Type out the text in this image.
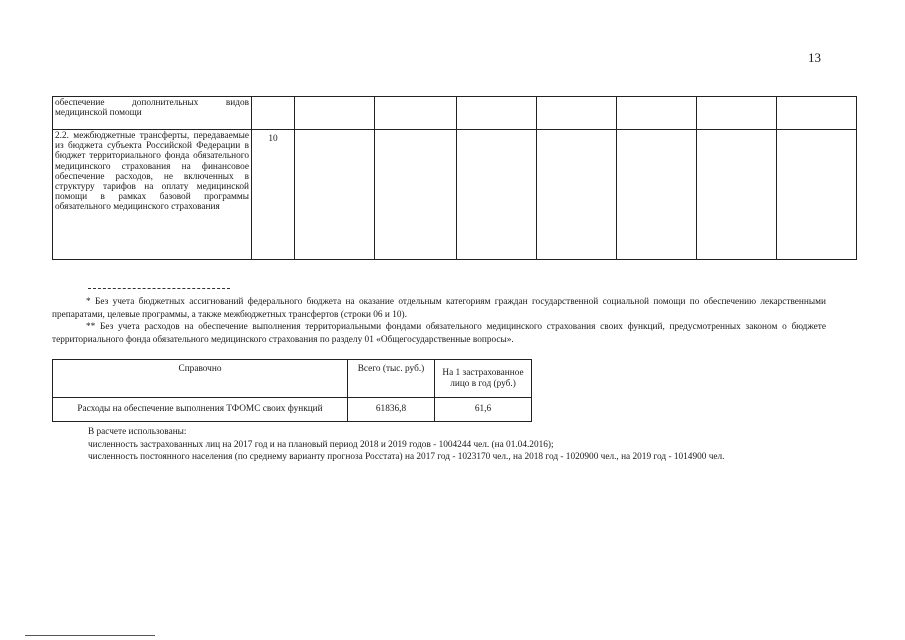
13
обеспечение дополнительных видов медицинской помощи								
2.2. межбюджетные трансферты, передаваемые из бюджета субъекта Российской Федерации в бюджет территориального фонда обязательного медицинского страхования на финансовое обеспечение расходов, не включенных в структуру тарифов на оплату медицинской помощи в рамках базовой программы обязательного медицинского страхования	10							
* Без учета бюджетных ассигнований федерального бюджета на оказание отдельным категориям граждан государственной социальной помощи по обеспечению лекарственными препаратами, целевые программы, а также межбюджетных трансфертов (строки 06 и 10).
** Без учета расходов на обеспечение выполнения территориальными фондами обязательного медицинского страхования своих функций, предусмотренных законом о бюджете территориального фонда обязательного медицинского страхования по разделу 01 «Общегосударственные вопросы».
Справочно	Всего (тыс. руб.)	На 1 застрахованное лицо в год (руб.)
Расходы на обеспечение выполнения ТФОМС своих функций	61836,8	61,6
В расчете использованы:
численность застрахованных лиц на 2017 год и на плановый период 2018 и 2019 годов - 1004244 чел. (на 01.04.2016);
численность постоянного населения (по среднему варианту прогноза Росстата) на 2017 год - 1023170 чел., на 2018 год - 1020900 чел., на 2019 год - 1014900 чел.
